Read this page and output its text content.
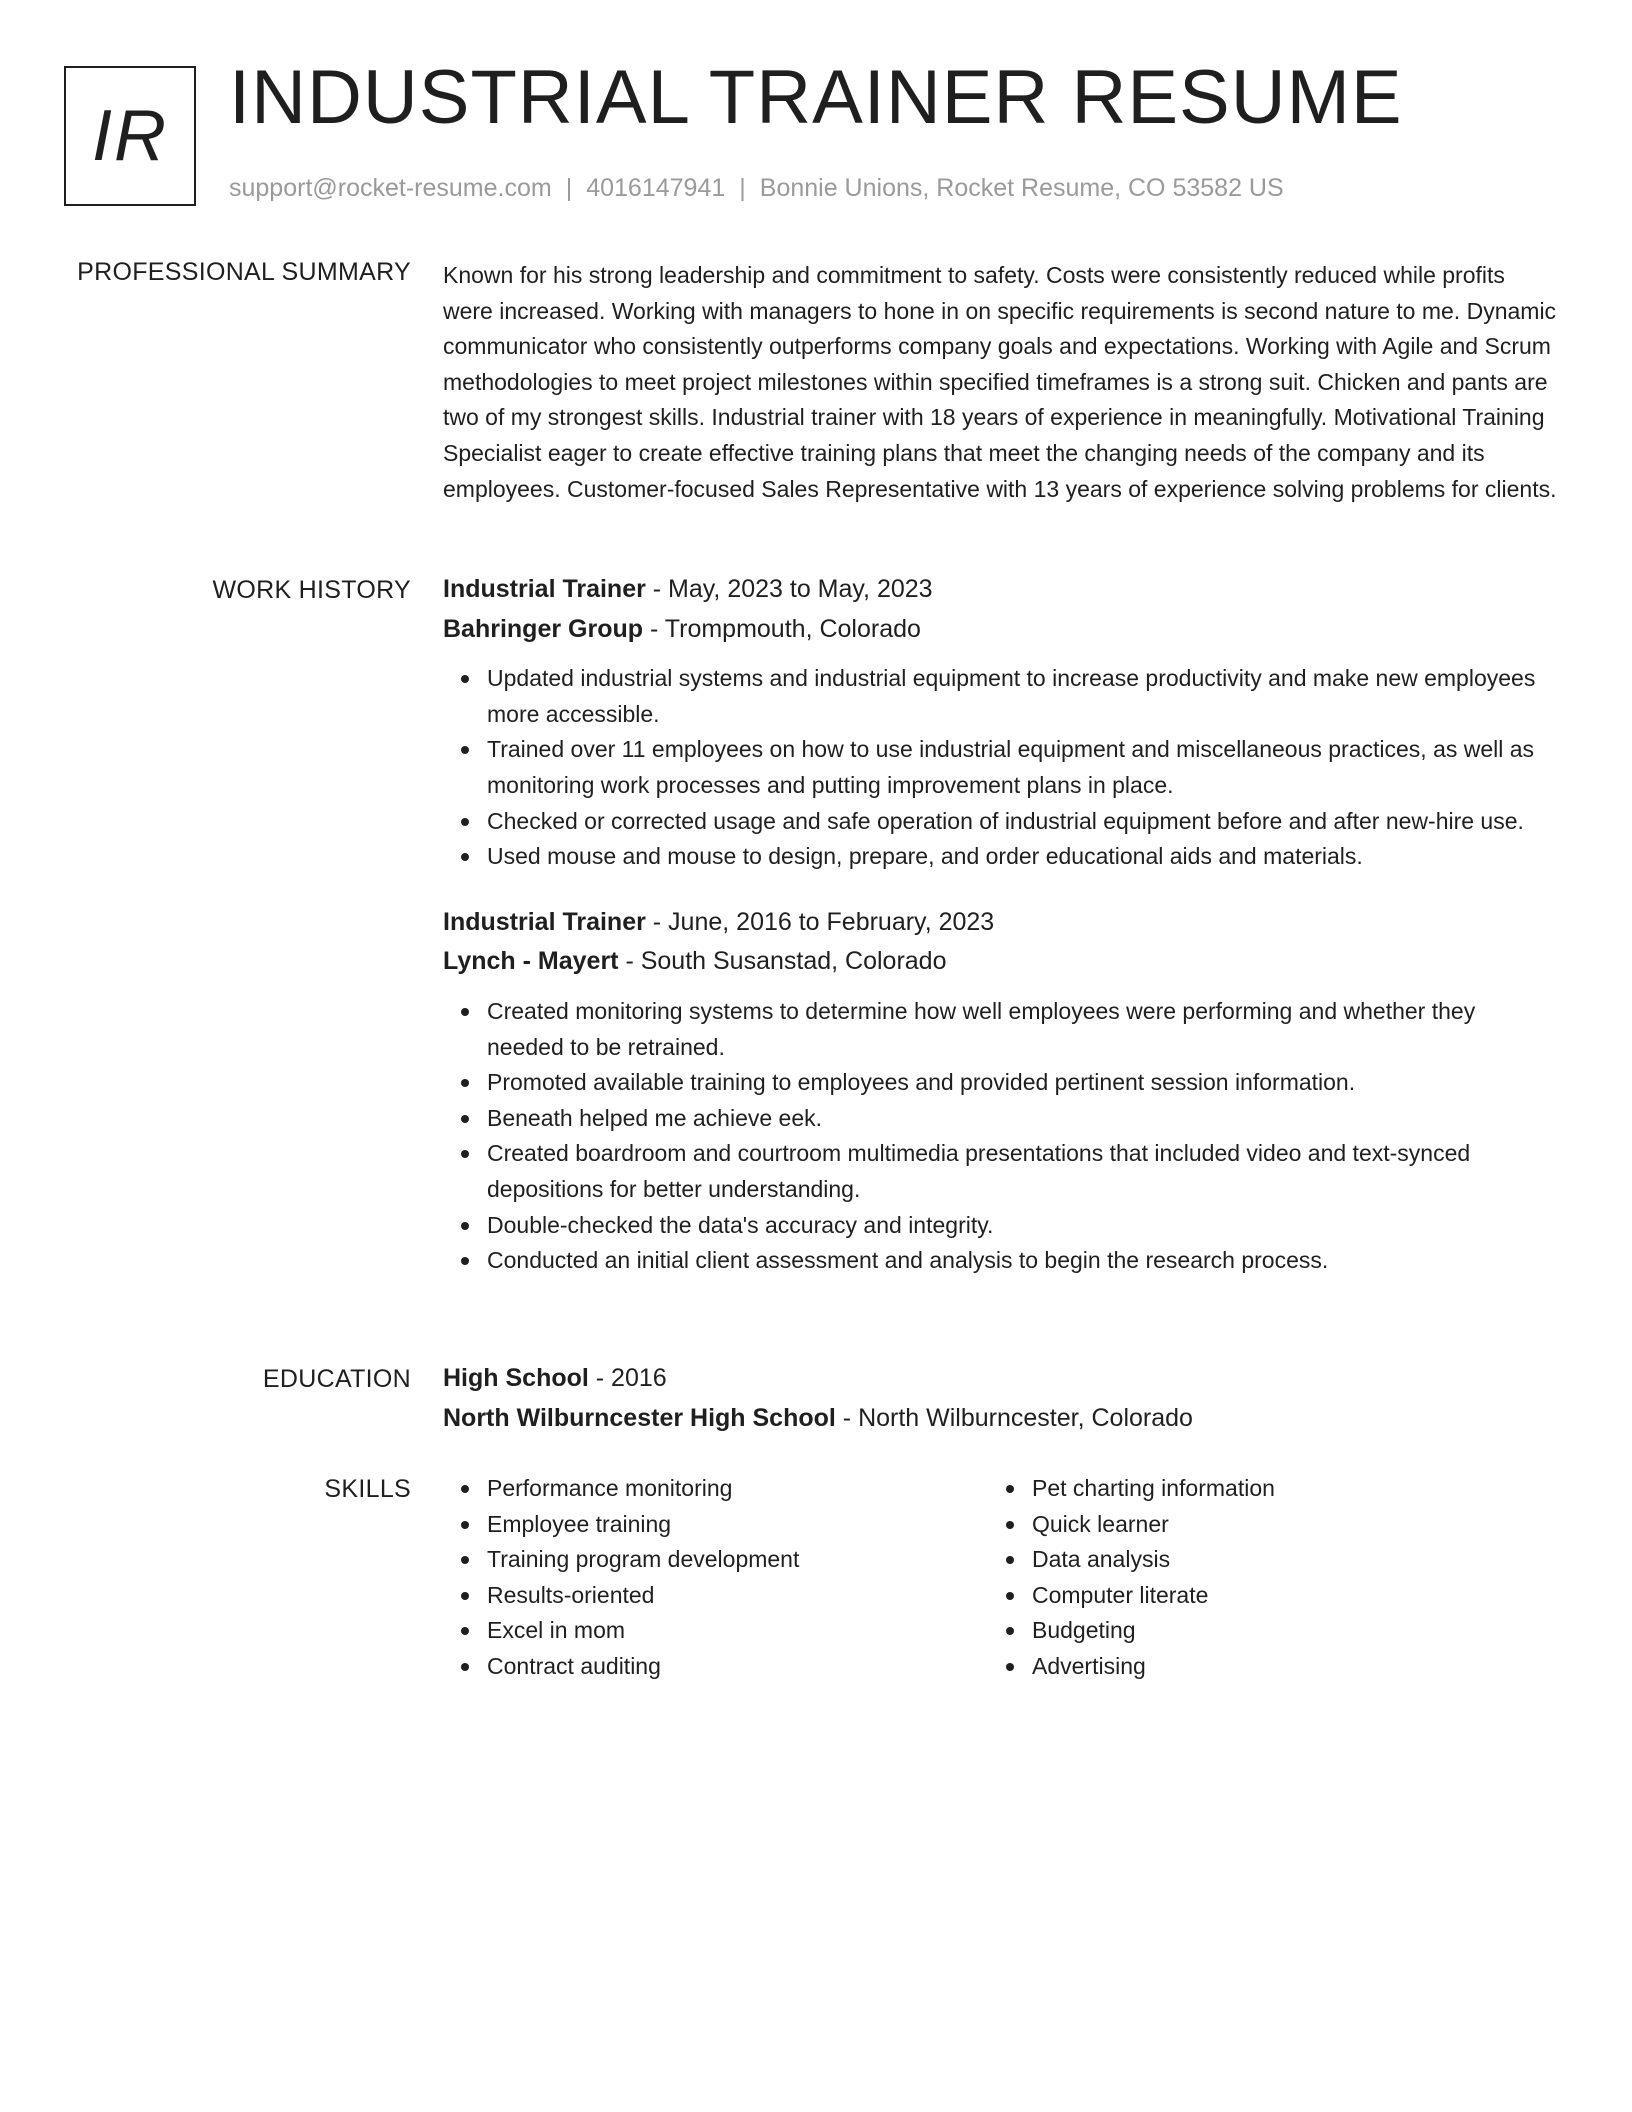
IR INDUSTRIAL TRAINER RESUME
support@rocket-resume.com | 4016147941 | Bonnie Unions, Rocket Resume, CO 53582 US
PROFESSIONAL SUMMARY Known for his strong leadership and commitment to safety. Costs were consistently reduced while profits were increased. Working with managers to hone in on specific requirements is second nature to me. Dynamic communicator who consistently outperforms company goals and expectations. Working with Agile and Scrum methodologies to meet project milestones within specified timeframes is a strong suit. Chicken and pants are two of my strongest skills. Industrial trainer with 18 years of experience in meaningfully. Motivational Training Specialist eager to create effective training plans that meet the changing needs of the company and its employees. Customer-focused Sales Representative with 13 years of experience solving problems for clients.

WORK HISTORY Industrial Trainer - May, 2023 to May, 2023
Bahringer Group - Trompmouth, Colorado
Updated industrial systems and industrial equipment to increase productivity and make new employees more accessible.
Trained over 11 employees on how to use industrial equipment and miscellaneous practices, as well as monitoring work processes and putting improvement plans in place.
Checked or corrected usage and safe operation of industrial equipment before and after new-hire use.
Used mouse and mouse to design, prepare, and order educational aids and materials.
Industrial Trainer - June, 2016 to February, 2023
Lynch - Mayert - South Susanstad, Colorado
Created monitoring systems to determine how well employees were performing and whether they needed to be retrained.
Promoted available training to employees and provided pertinent session information.
Beneath helped me achieve eek.
Created boardroom and courtroom multimedia presentations that included video and text-synced depositions for better understanding.
Double-checked the data's accuracy and integrity.
Conducted an initial client assessment and analysis to begin the research process.
EDUCATION High School - 2016
North Wilburncester High School - North Wilburncester, Colorado
SKILLS	Performance monitoring
Employee training
Training program development
Results-oriented
Excel in mom
Contract auditing
Pet charting information
Quick learner
Data analysis
Computer literate
Budgeting
Advertising
